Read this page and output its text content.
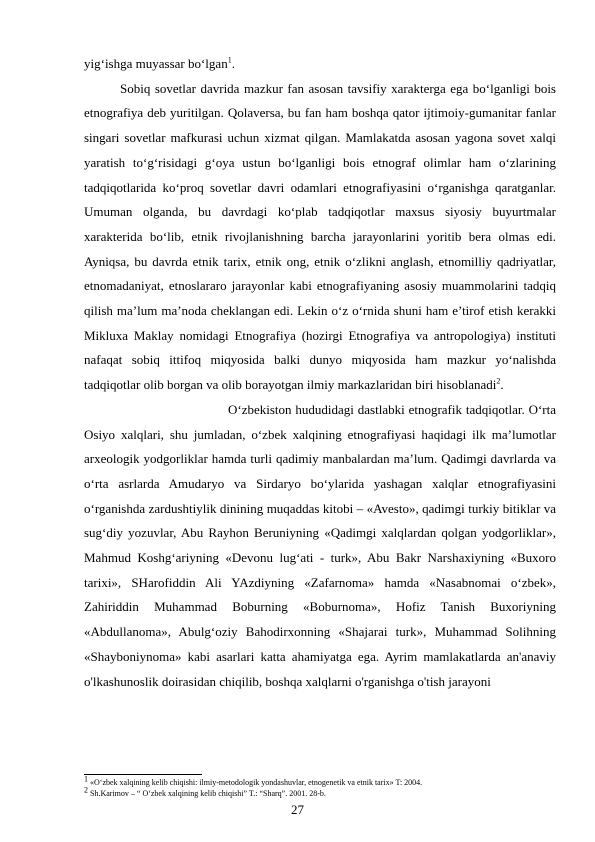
yig‘ishga muyassar bo‘lgan$^1$.

Sobiq sovetlar davrida mazkur fan asosan tavsifiy xarakterga ega bo‘lganligi bois etnografiya deb yuritilgan. Qolaversa, bu fan ham boshqa qator ijtimoiy-gumanitar fanlar singari sovetlar mafkurasi uchun xizmat qilgan. Mamlakatda asosan yagona sovet xalqi yaratish to‘g‘risidagi g‘oya ustun bo‘lganligi bois etnograf olimlar ham o‘zlarining tadqiqotlarida ko‘proq sovetlar davri odamlari etnografiyasini o‘rganishga qaratganlar. Umuman olganda, bu davrdagi ko‘plab tadqiqotlar maxsus siyosiy buyurtmalar xarakterida bo‘lib, etnik rivojlanishning barcha jarayonlarini yoritib bera olmas edi. Ayniqsa, bu davrda etnik tarix, etnik ong, etnik o‘zlikni anglash, etnomilliy qadriyatlar, etnomadaniyat, etnoslararo jarayonlar kabi etnografiyaning asosiy muammolarini tadqiq qilish ma’lum ma’noda cheklangan edi. Lekin o‘z o‘rnida shuni ham e’tirof etish kerakki Mikluxa Maklay nomidagi Etnografiya (hozirgi Etnografiya va antropologiya) instituti nafaqat sobiq ittifoq miqyosida balki dunyo miqyosida ham mazkur yo‘nalishda tadqiqotlar olib borgan va olib borayotgan ilmiy markazlaridan biri hisoblanadi$^2$.

O‘zbekiston hududidagi dastlabki etnografik tadqiqotlar. O‘rta Osiyo xalqlari, shu jumladan, o‘zbek xalqining etnografiyasi haqidagi ilk ma’lumotlar arxeologik yodgorliklar hamda turli qadimiy manbalardan ma’lum. Qadimgi davrlarda va o‘rta asrlarda Amudaryo va Sirdaryo bo‘ylarida yashagan xalqlar etnografiyasini o‘rganishda zardushtiylik dinining muqaddas kitobi – «Avesto», qadimgi turkiy bitiklar va sug‘diy yozuvlar, Abu Rayhon Beruniyning «Qadimgi xalqlardan qolgan yodgorliklar», Mahmud Koshg‘ariyning «Devonu lug‘ati - turk», Abu Bakr Narshaxiyning «Buxoro tarixi», SHarofiddin Ali YAzdiyning «Zafarnoma» hamda «Nasabnomai o‘zbek», Zahiriddin Muhammad Boburning «Boburnoma», Hofiz Tanish Buxoriyning «Abdullanoma», Abulg‘oziy Bahodirxonning «Shajarai turk», Muhammad Solihning «Shayboniynoma» kabi asarlari katta ahamiyatga ega. Ayrim mamlakatlarda an'anaviy o'lkashunoslik doirasidan chiqilib, boshqa xalqlarni o'rganishga o'tish jarayoni

$^1$ «O‘zbek xalqining kelib chiqishi: ilmiy-metodologik yondashuvlar, etnogenetik va etnik tarix» T: 2004.

$^2$ Sh.Karimov – “ O‘zbek xalqining kelib chiqishi” T.: “Sharq”. 2001. 28-b.

27
